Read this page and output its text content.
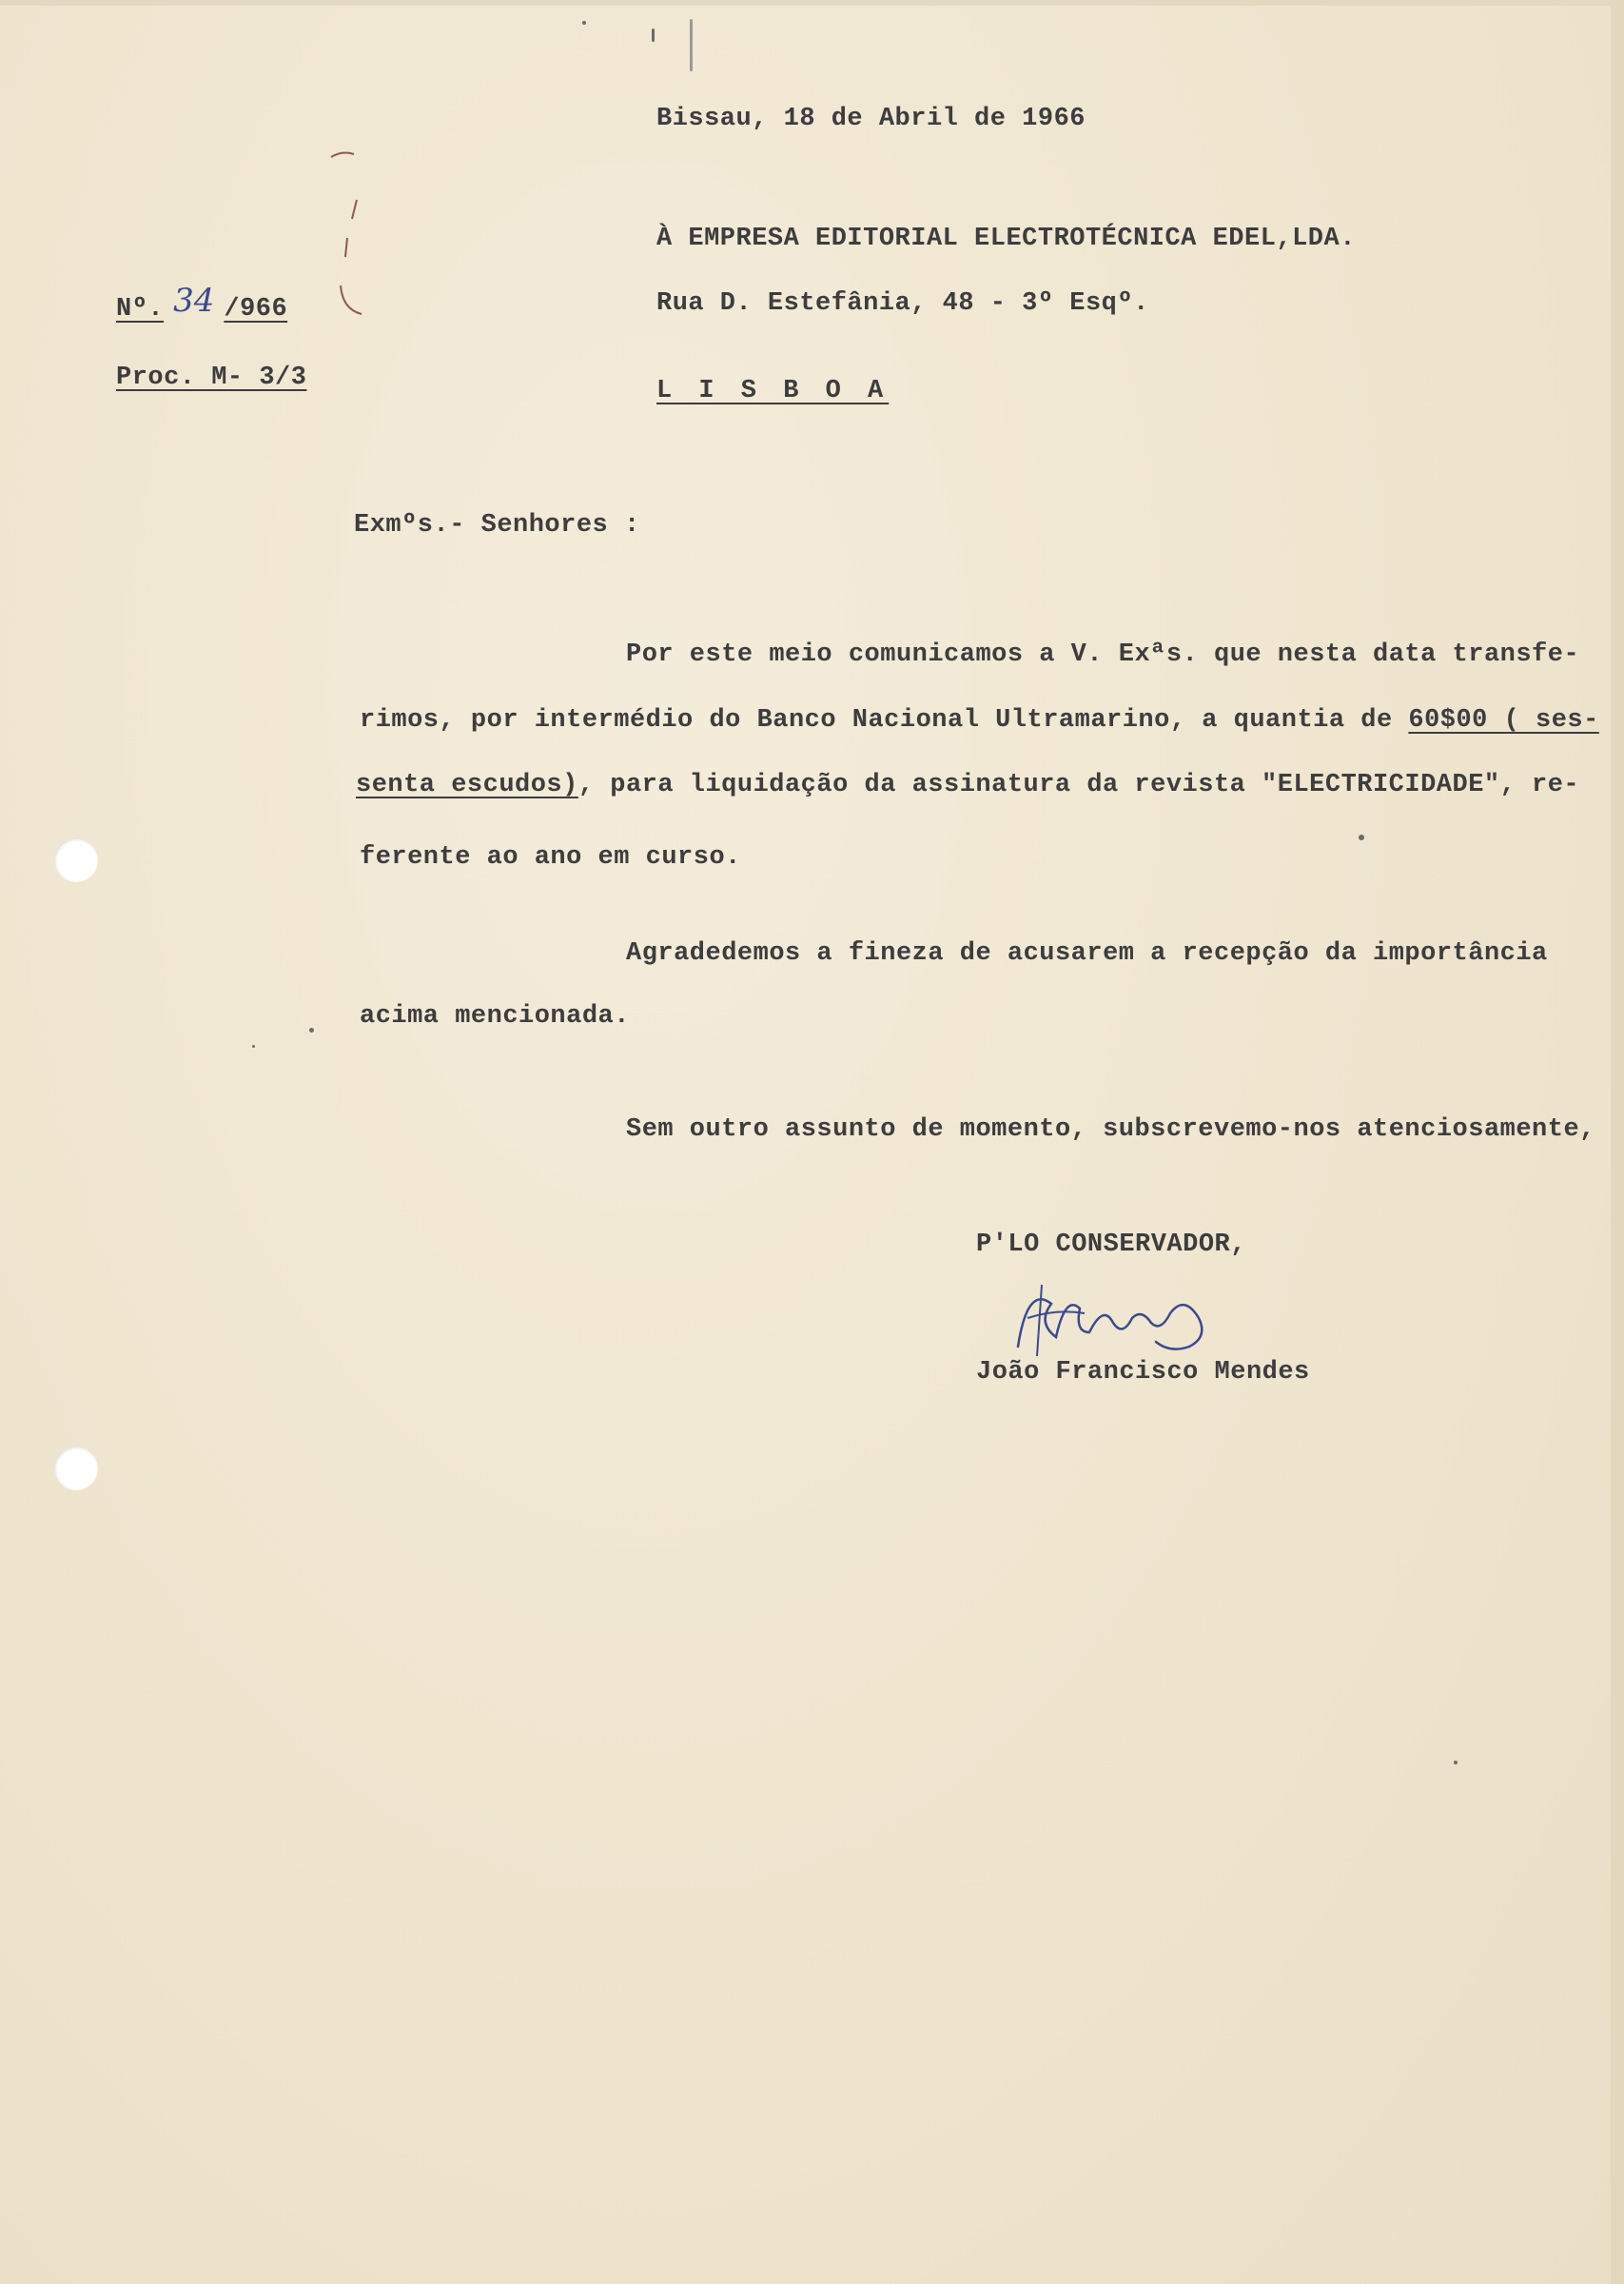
Bissau, 18 de Abril de 1966
Nº. 34 /966
Proc. M- 3/3
À EMPRESA EDITORIAL ELECTROTÉCNICA EDEL,LDA.
Rua D. Estefânia, 48 - 3º Esqº.
L I S B O A
Exmºs.- Senhores :
Por este meio comunicamos a V. Exªs. que nesta data transfe-
rimos, por intermédio do Banco Nacional Ultramarino, a quantia de 60$00 ( ses-
senta escudos), para liquidação da assinatura da revista "ELECTRICIDADE", re-
ferente ao ano em curso.
Agradedemos a fineza de acusarem a recepção da importância
acima mencionada.
Sem outro assunto de momento, subscrevemo-nos atenciosamente,
P'LO CONSERVADOR,
João Francisco Mendes
